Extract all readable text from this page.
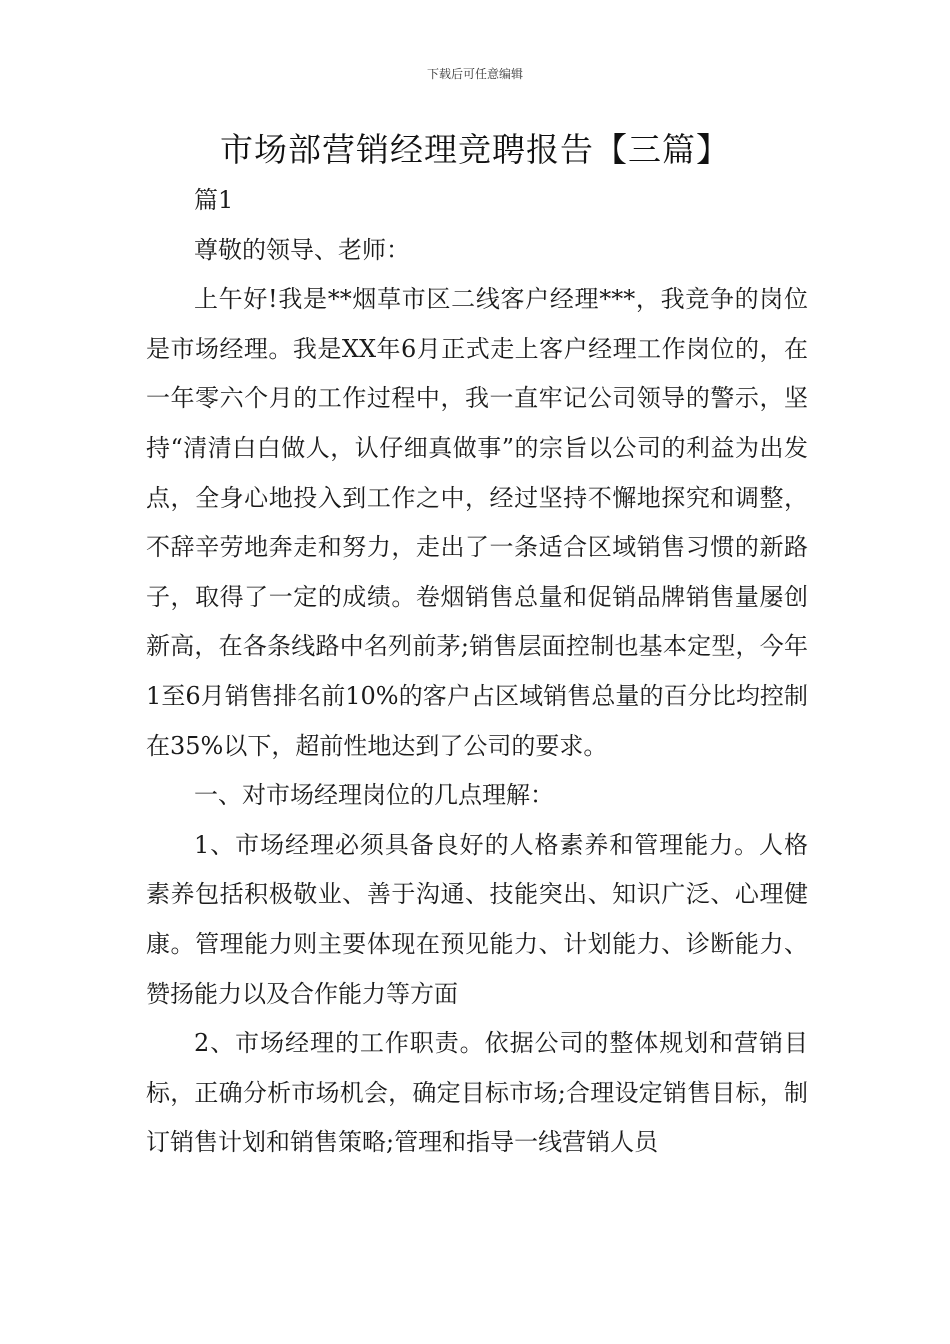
下载后可任意编辑
市场部营销经理竞聘报告【三篇】

篇1

尊敬的领导、老师：

上午好!我是**烟草市区二线客户经理***，我竞争的岗位是市场经理。我是XX年6月正式走上客户经理工作岗位的，在一年零六个月的工作过程中，我一直牢记公司领导的警示，坚持“清清白白做人，认仔细真做事”的宗旨以公司的利益为出发点，全身心地投入到工作之中，经过坚持不懈地探究和调整，不辞辛劳地奔走和努力，走出了一条适合区域销售习惯的新路子，取得了一定的成绩。卷烟销售总量和促销品牌销售量屡创新高，在各条线路中名列前茅;销售层面控制也基本定型，今年1至6月销售排名前10%的客户占区域销售总量的百分比均控制在35%以下，超前性地达到了公司的要求。

一、对市场经理岗位的几点理解：

1、市场经理必须具备良好的人格素养和管理能力。人格素养包括积极敬业、善于沟通、技能突出、知识广泛、心理健康。管理能力则主要体现在预见能力、计划能力、诊断能力、赞扬能力以及合作能力等方面

2、市场经理的工作职责。依据公司的整体规划和营销目标，正确分析市场机会，确定目标市场;合理设定销售目标，制订销售计划和销售策略;管理和指导一线营销人员
